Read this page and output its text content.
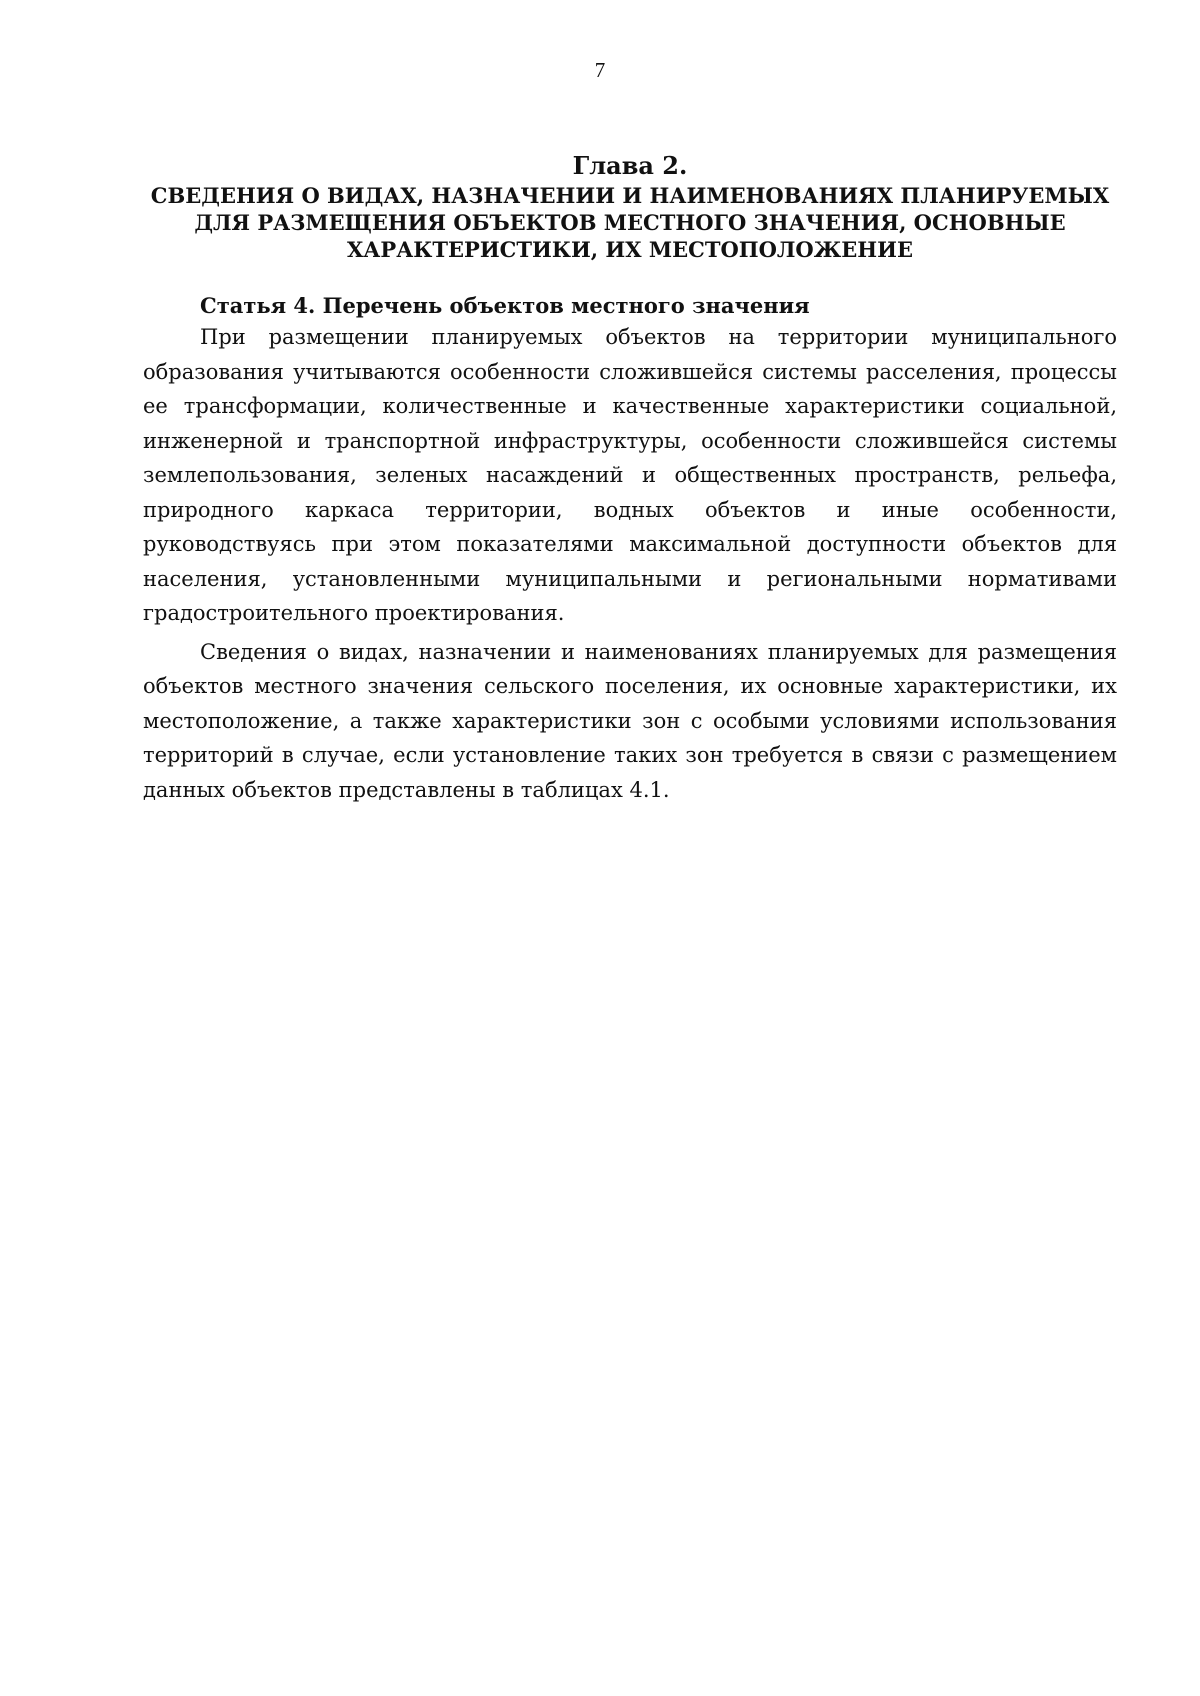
7

Глава 2.

СВЕДЕНИЯ О ВИДАХ, НАЗНАЧЕНИИ И НАИМЕНОВАНИЯХ ПЛАНИРУЕМЫХ ДЛЯ РАЗМЕЩЕНИЯ ОБЪЕКТОВ МЕСТНОГО ЗНАЧЕНИЯ, ОСНОВНЫЕ ХАРАКТЕРИСТИКИ, ИХ МЕСТОПОЛОЖЕНИЕ

Статья 4. Перечень объектов местного значения

При размещении планируемых объектов на территории муниципального образования учитываются особенности сложившейся системы расселения, процессы ее трансформации, количественные и качественные характеристики социальной, инженерной и транспортной инфраструктуры, особенности сложившейся системы землепользования, зеленых насаждений и общественных пространств, рельефа, природного каркаса территории, водных объектов и иные особенности, руководствуясь при этом показателями максимальной доступности объектов для населения, установленными муниципальными и региональными нормативами градостроительного проектирования.

Сведения о видах, назначении и наименованиях планируемых для размещения объектов местного значения сельского поселения, их основные характеристики, их местоположение, а также характеристики зон с особыми условиями использования территорий в случае, если установление таких зон требуется в связи с размещением данных объектов представлены в таблицах 4.1.
